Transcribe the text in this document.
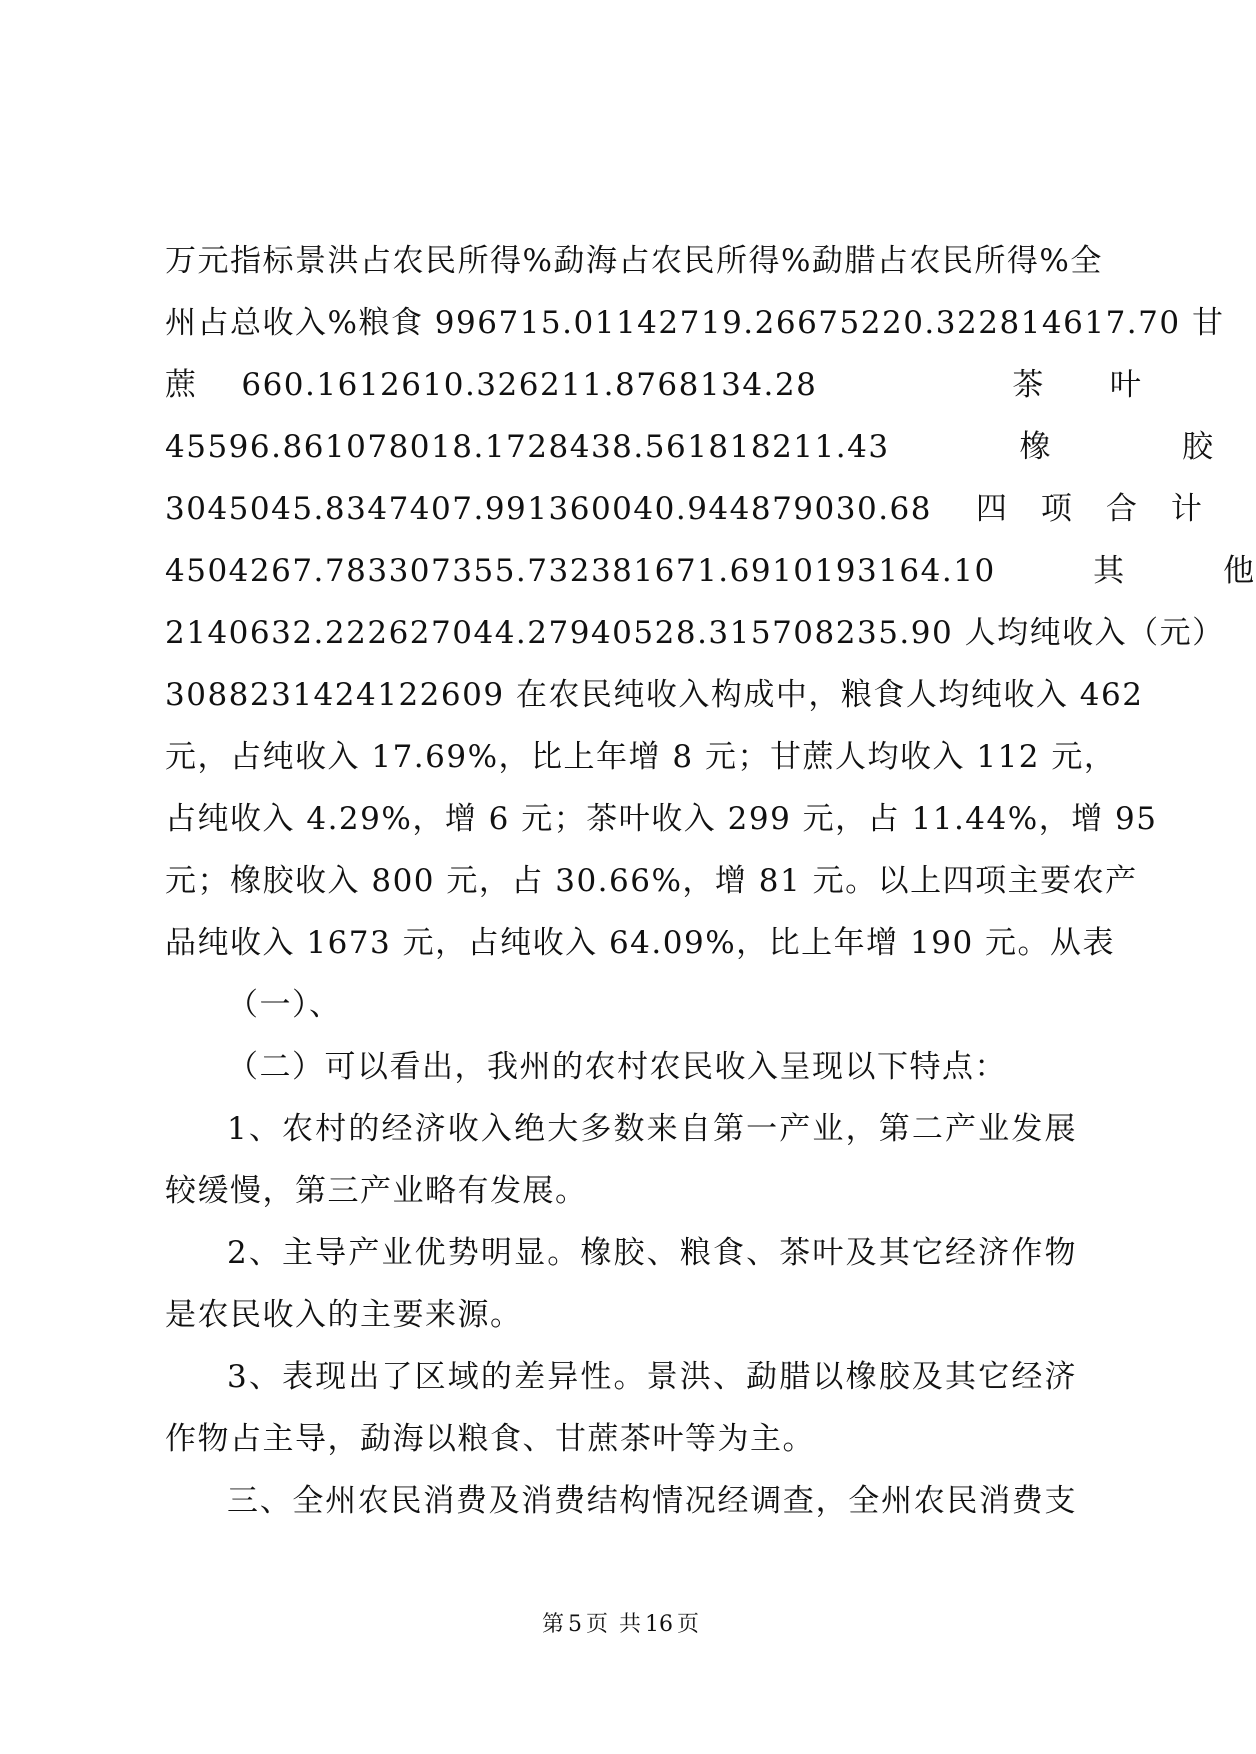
万元指标景洪占农民所得%勐海占农民所得%勐腊占农民所得%全
州占总收入%粮食 996715.01142719.26675220.322814617.70 甘
蔗　 660.1612610.326211.8768134.28　　　　　　茶　　叶
45596.861078018.1728438.561818211.43　　　　橡　　　　胶
3045045.8347407.991360040.944879030.68　 四　项　合　计
4504267.783307355.732381671.6910193164.10　　　其　　　他
2140632.222627044.27940528.315708235.90 人均纯收入（元）
3088231424122609 在农民纯收入构成中，粮食人均纯收入 462
元，占纯收入 17.69%，比上年增 8 元；甘蔗人均收入 112 元，
占纯收入 4.29%，增 6 元；茶叶收入 299 元，占 11.44%，增 95
元；橡胶收入 800 元，占 30.66%，增 81 元。以上四项主要农产
品纯收入 1673 元，占纯收入 64.09%，比上年增 190 元。从表
（一）、
（二）可以看出，我州的农村农民收入呈现以下特点：
1、农村的经济收入绝大多数来自第一产业，第二产业发展
较缓慢，第三产业略有发展。
2、主导产业优势明显。橡胶、粮食、茶叶及其它经济作物
是农民收入的主要来源。
3、表现出了区域的差异性。景洪、勐腊以橡胶及其它经济
作物占主导，勐海以粮食、甘蔗茶叶等为主。
三、全州农民消费及消费结构情况经调查，全州农民消费支
第 5 页 共 16 页
